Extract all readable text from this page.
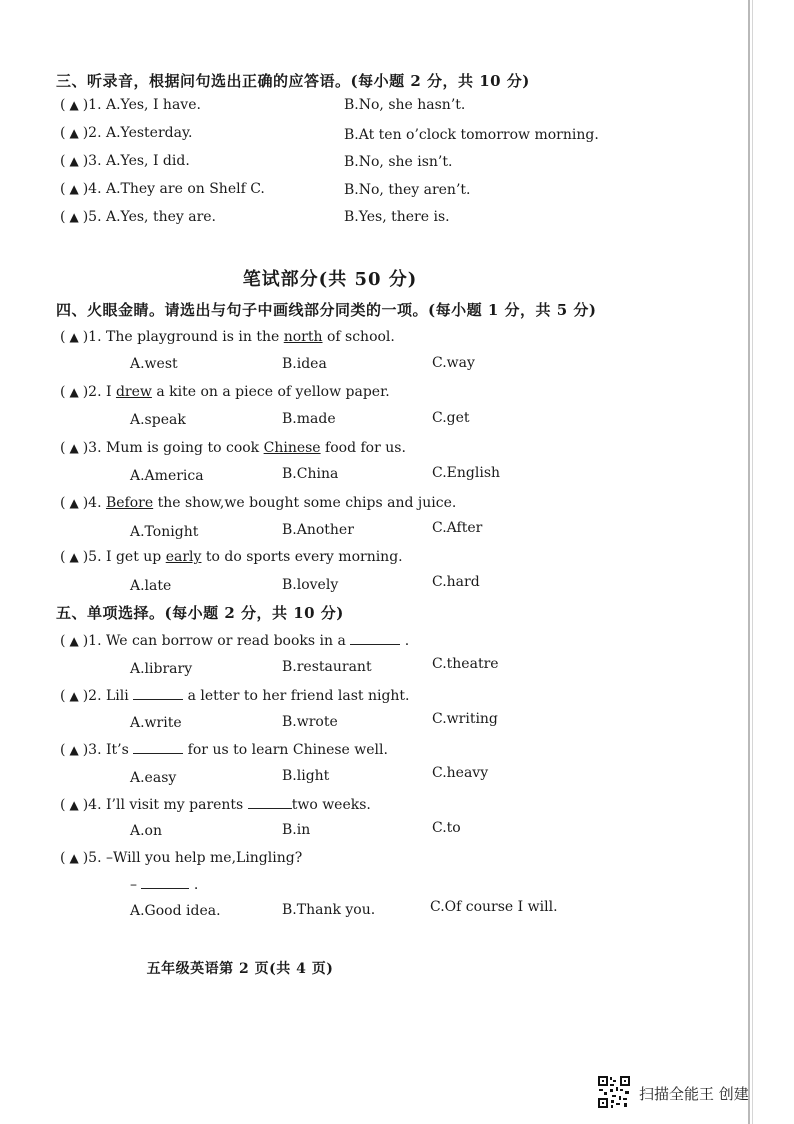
三、听录音，根据问句选出正确的应答语。(每小题 2 分，共 10 分)
( ▲ )1. A.Yes, I have.	B.No, she hasn’t.
( ▲ )2. A.Yesterday.	B.At ten o’clock tomorrow morning.
( ▲ )3. A.Yes, I did.	B.No, she isn’t.
( ▲ )4. A.They are on Shelf C.	B.No, they aren’t.
( ▲ )5. A.Yes, they are.	B.Yes, there is.
笔试部分(共 50 分)
四、火眼金睛。请选出与句子中画线部分同类的一项。(每小题 1 分，共 5 分)
( ▲ )1. The playground is in the north of school.
A.west	B.idea	C.way
( ▲ )2. I drew a kite on a piece of yellow paper.
A.speak	B.made	C.get
( ▲ )3. Mum is going to cook Chinese food for us.
A.America	B.China	C.English
( ▲ )4. Before the show,we bought some chips and juice.
A.Tonight	B.Another	C.After
( ▲ )5. I get up early to do sports every morning.
A.late	B.lovely	C.hard
五、单项选择。(每小题 2 分，共 10 分)
( ▲ )1. We can borrow or read books in a	.
A.library	B.restaurant	C.theatre
( ▲ )2. Lili	a letter to her friend last night.
A.write	B.wrote	C.writing
( ▲ )3. It’s	for us to learn Chinese well.
A.easy	B.light	C.heavy
( ▲ )4. I’ll visit my parents	two weeks.
A.on	B.in	C.to
( ▲ )5. –Will you help me,Lingling?
–	.
A.Good idea.	B.Thank you.	C.Of course I will.
五年级英语第 2 页(共 4 页)
扫描全能王 创建
